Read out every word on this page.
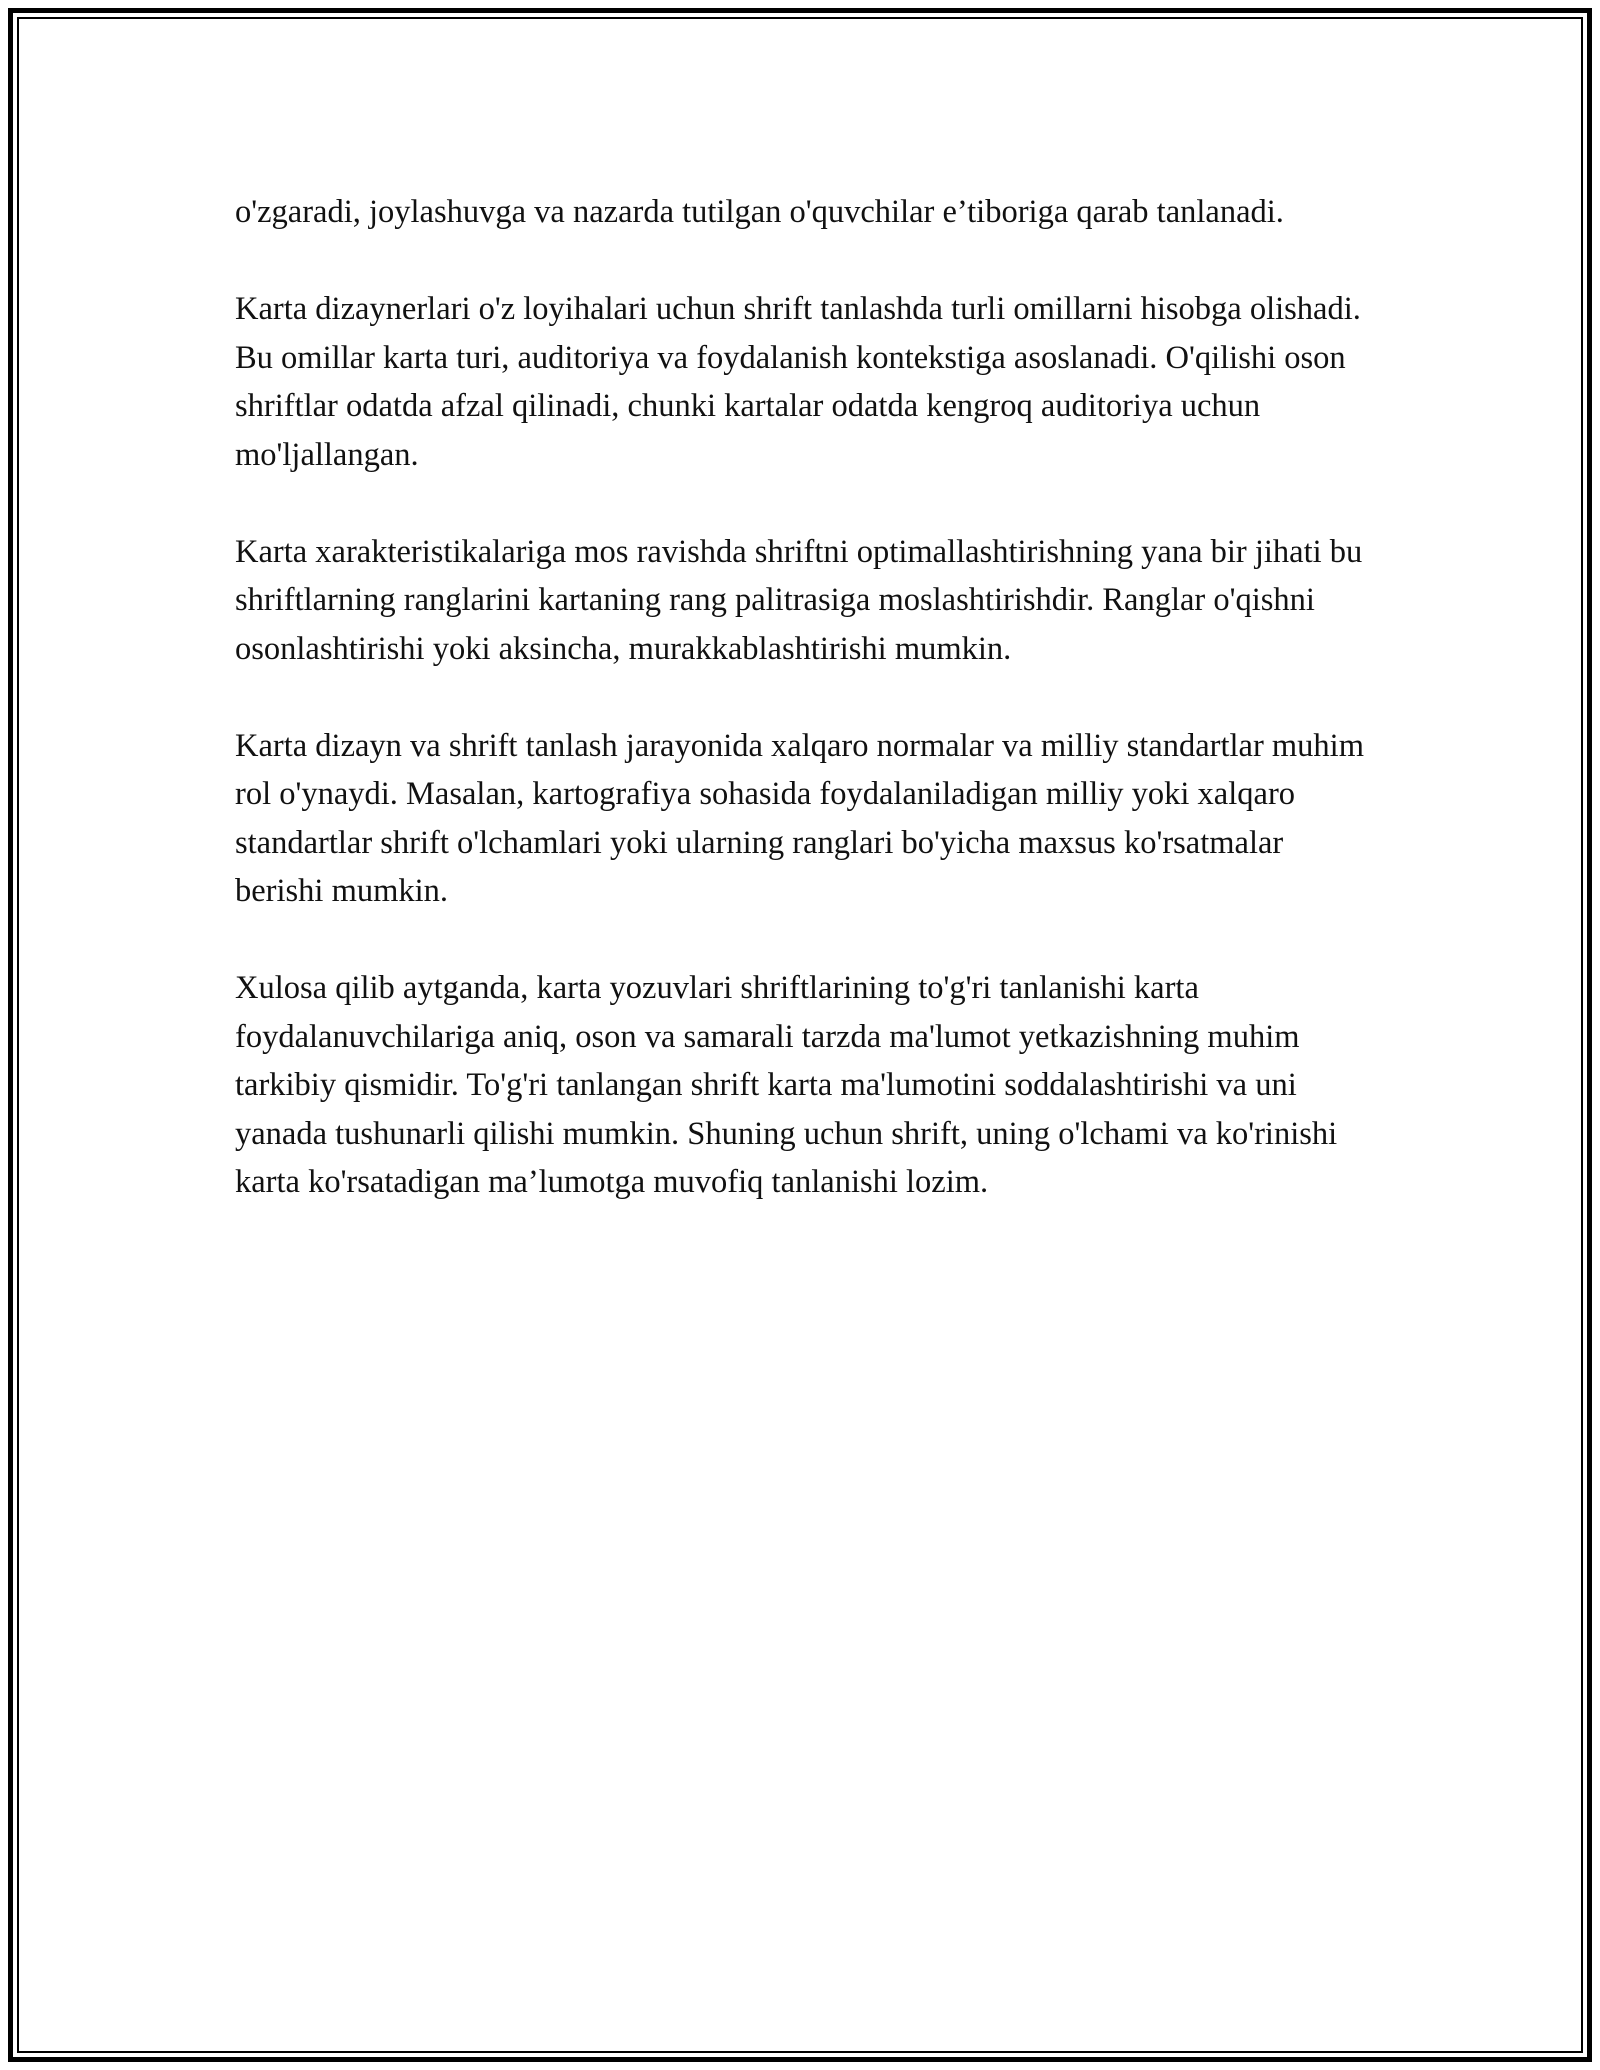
o'zgaradi, joylashuvga va nazarda tutilgan o'quvchilar e’tiboriga qarab tanlanadi.

Karta dizaynerlari o'z loyihalari uchun shrift tanlashda turli omillarni hisobga olishadi. Bu omillar karta turi, auditoriya va foydalanish kontekstiga asoslanadi. O'qilishi oson shriftlar odatda afzal qilinadi, chunki kartalar odatda kengroq auditoriya uchun mo'ljallangan.

Karta xarakteristikalariga mos ravishda shriftni optimallashtirishning yana bir jihati bu shriftlarning ranglarini kartaning rang palitrasiga moslashtirishdir. Ranglar o'qishni osonlashtirishi yoki aksincha, murakkablashtirishi mumkin.

Karta dizayn va shrift tanlash jarayonida xalqaro normalar va milliy standartlar muhim rol o'ynaydi. Masalan, kartografiya sohasida foydalaniladigan milliy yoki xalqaro standartlar shrift o'lchamlari yoki ularning ranglari bo'yicha maxsus ko'rsatmalar berishi mumkin.

Xulosa qilib aytganda, karta yozuvlari shriftlarining to'g'ri tanlanishi karta foydalanuvchilariga aniq, oson va samarali tarzda ma'lumot yetkazishning muhim tarkibiy qismidir. To'g'ri tanlangan shrift karta ma'lumotini soddalashtirishi va uni yanada tushunarli qilishi mumkin. Shuning uchun shrift, uning o'lchami va ko'rinishi karta ko'rsatadigan ma’lumotga muvofiq tanlanishi lozim.
